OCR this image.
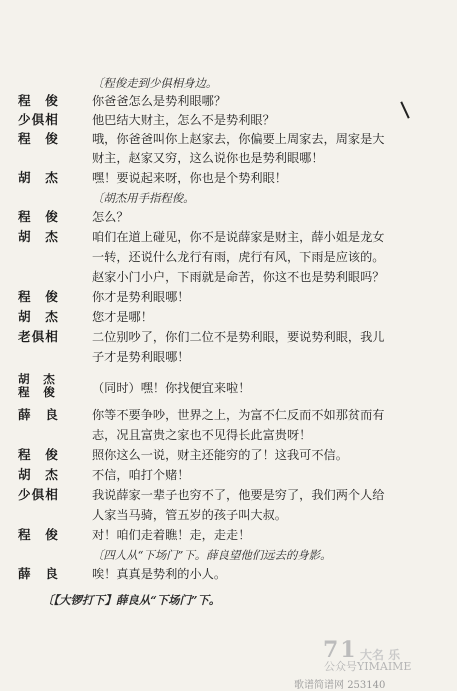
〔程俊走到少俱相身边。
程　俊	你爸爸怎么是势利眼哪？
少俱相	他巴结大财主，怎么不是势利眼？
程　俊	哦，你爸爸叫你上赵家去，你偏要上周家去，周家是大
财主，赵家又穷，这么说你也是势利眼哪！
胡　杰	嘿！要说起来呀，你也是个势利眼！
〔胡杰用手指程俊。
程　俊	怎么？
胡　杰	咱们在道上碰见，你不是说薛家是财主，薛小姐是龙女
一转，还说什么龙行有雨，虎行有风，下雨是应该的。
赵家小门小户，下雨就是命苦，你这不也是势利眼吗？
程　俊	你才是势利眼哪！
胡　杰	您才是哪！
老俱相	二位别吵了，你们二位不是势利眼，要说势利眼，我儿
子才是势利眼哪！
胡　杰
程　俊	（同时）嘿！你找便宜来啦！
薛　良	你等不要争吵，世界之上，为富不仁反而不如那贫而有
志，况且富贵之家也不见得长此富贵呀！
程　俊	照你这么一说，财主还能穷的了！这我可不信。
胡　杰	不信，咱打个赌！
少俱相	我说薛家一辈子也穷不了，他要是穷了，我们两个人给
人家当马骑，管五岁的孩子叫大叔。
程　俊	对！咱们走着瞧！走，走走！
〔四人从“下场门”下。薛良望他们远去的身影。
薛　良	唉！真真是势利的小人。
〔【大锣打下】薛良从“下场门”下。
71 大名 乐
公众号YIMAIME
歌谱简谱网 253140
